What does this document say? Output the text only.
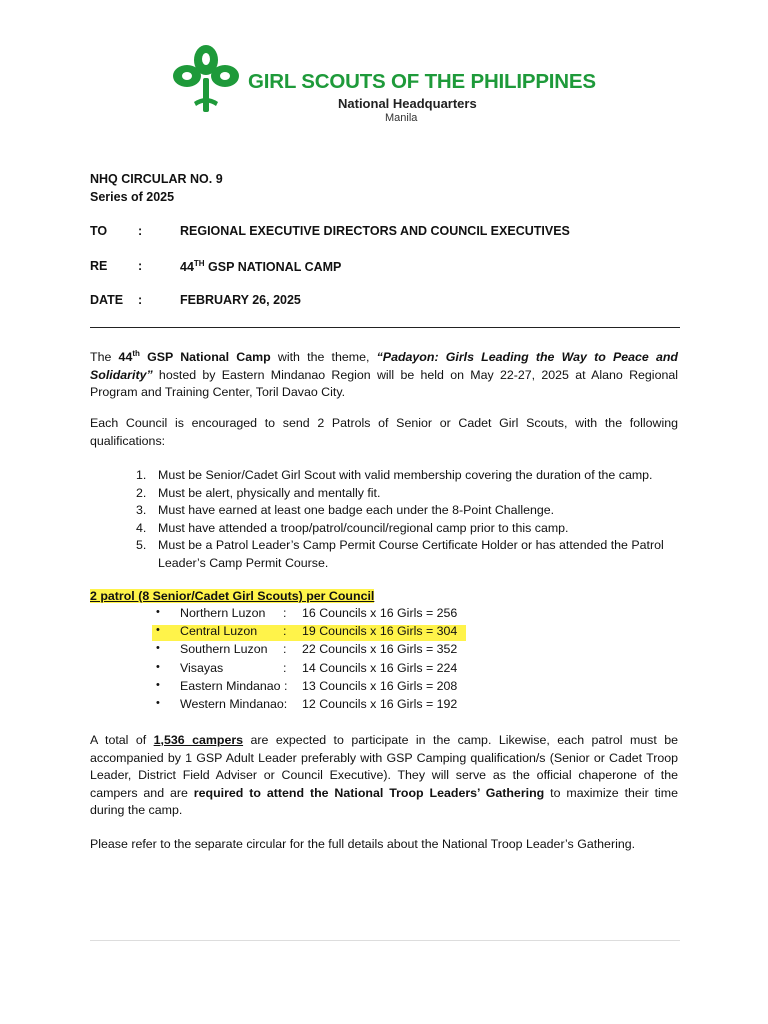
GIRL SCOUTS OF THE PHILIPPINES
National Headquarters
Manila
NHQ CIRCULAR NO. 9
Series of 2025
TO :	REGIONAL EXECUTIVE DIRECTORS AND COUNCIL EXECUTIVES
RE :	44TH GSP NATIONAL CAMP
DATE :	FEBRUARY 26, 2025
The 44th GSP National Camp with the theme, “Padayon: Girls Leading the Way to Peace and Solidarity” hosted by Eastern Mindanao Region will be held on May 22-27, 2025 at Alano Regional Program and Training Center, Toril Davao City.
Each Council is encouraged to send 2 Patrols of Senior or Cadet Girl Scouts, with the following qualifications:
1. Must be Senior/Cadet Girl Scout with valid membership covering the duration of the camp.
2. Must be alert, physically and mentally fit.
3. Must have earned at least one badge each under the 8-Point Challenge.
4. Must have attended a troop/patrol/council/regional camp prior to this camp.
5. Must be a Patrol Leader’s Camp Permit Course Certificate Holder or has attended the Patrol Leader’s Camp Permit Course.
2 patrol (8 Senior/Cadet Girl Scouts) per Council
• Northern Luzon : 16 Councils x 16 Girls = 256
• Central Luzon : 19 Councils x 16 Girls = 304
• Southern Luzon : 22 Councils x 16 Girls = 352
• Visayas	: 14 Councils x 16 Girls = 224
• Eastern Mindanao : 13 Councils x 16 Girls = 208
• Western Mindanao: 12 Councils x 16 Girls = 192
A total of 1,536 campers are expected to participate in the camp. Likewise, each patrol must be accompanied by 1 GSP Adult Leader preferably with GSP Camping qualification/s (Senior or Cadet Troop Leader, District Field Adviser or Council Executive). They will serve as the official chaperone of the campers and are required to attend the National Troop Leaders’ Gathering to maximize their time during the camp.
Please refer to the separate circular for the full details about the National Troop Leader’s Gathering.
